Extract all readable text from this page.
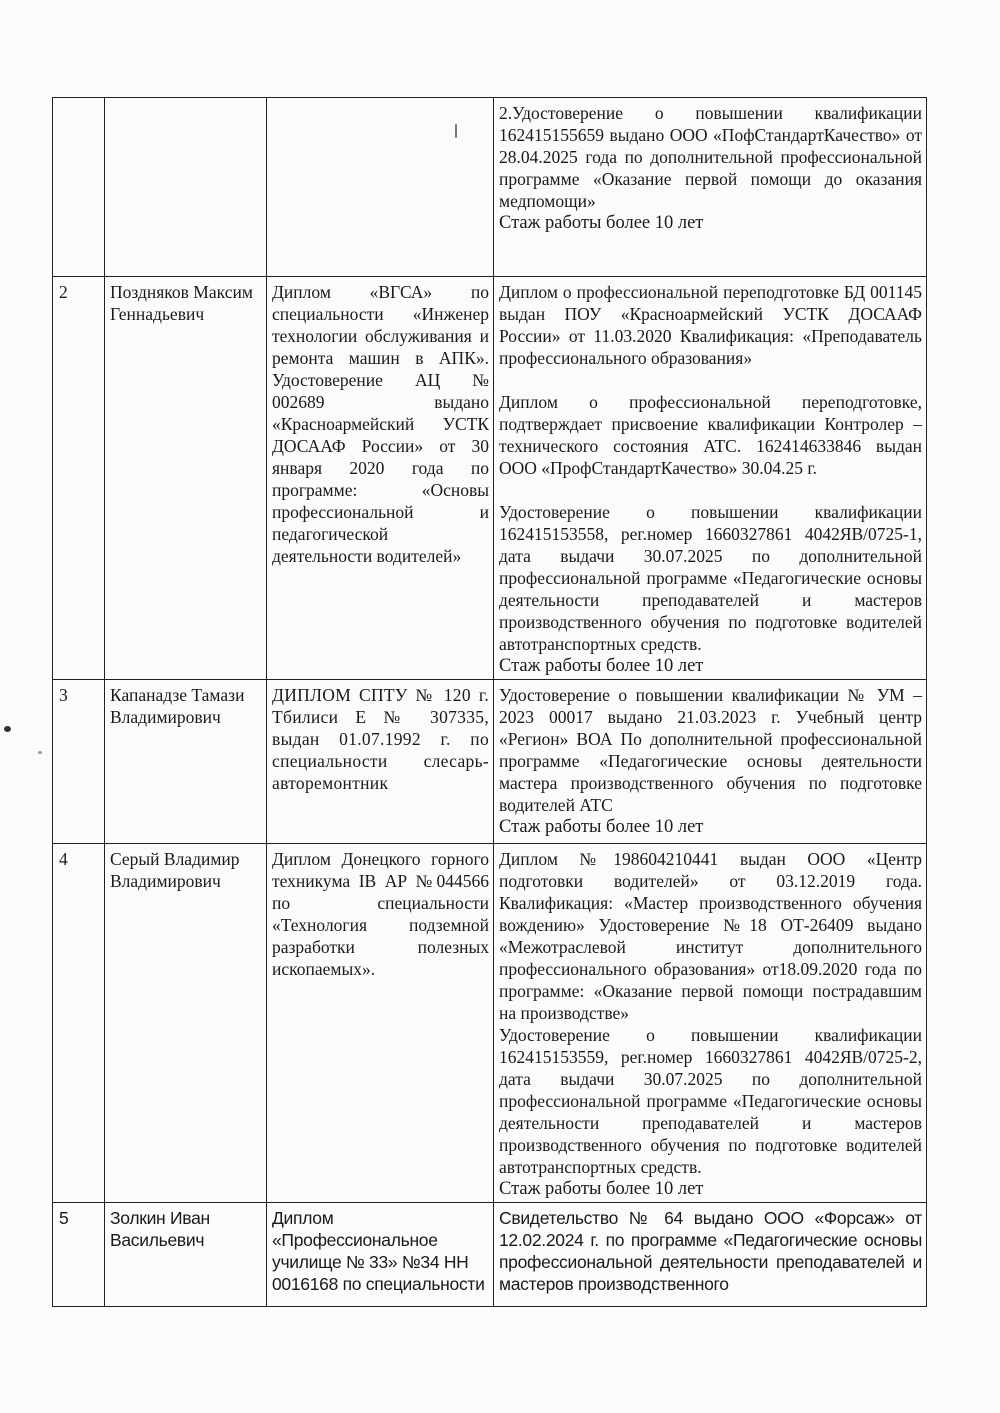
			2.Удостоверение о повышении квалификации 162415155659 выдано ООО «ПофСтандартКачество» от 28.04.2025 года по дополнительной профессиональной программе «Оказание первой помощи до оказания медпомощи»
Стаж работы более 10 лет

2	Поздняков Максим Геннадьевич	Диплом «ВГСА» по специальности «Инженер технологии обслуживания и ремонта машин в АПК». Удостоверение АЦ № 002689 выдано «Красноармейский УСТК ДОСААФ России» от 30 января 2020 года по программе: «Основы профессиональной и педагогической деятельности водителей»	
Диплом о профессиональной переподготовке БД 001145 выдан ПОУ «Красноармейский УСТК ДОСААФ России» от 11.03.2020 Квалификация: «Преподаватель профессионального образования»
Диплом о профессиональной переподготовке, подтверждает присвоение квалификации Контролер – технического состояния АТС. 162414633846 выдан ООО «ПрофСтандартКачество» 30.04.25 г.
Удостоверение о повышении квалификации 162415153558, рег.номер 1660327861 4042ЯВ/0725-1, дата выдачи 30.07.2025 по дополнительной профессиональной программе «Педагогические основы деятельности преподавателей и мастеров производственного обучения по подготовке водителей автотранспортных средств.
Стаж работы более 10 лет

3	Капанадзе Тамази Владимирович	ДИПЛОМ СПТУ № 120 г. Тбилиси Е № 307335, выдан 01.07.1992 г. по специальности слесарь-авторемонтник	Удостоверение о повышении квалификации № УМ – 2023 00017 выдано 21.03.2023 г. Учебный центр «Регион» ВОА По дополнительной профессиональной программе «Педагогические основы деятельности мастера производственного обучения по подготовке водителей АТС
Стаж работы более 10 лет

4	Серый Владимир Владимирович	Диплом Донецкого горного техникума IB АР №044566 по специальности «Технология подземной разработки полезных ископаемых».	Диплом №198604210441 выдан ООО «Центр подготовки водителей» от 03.12.2019 года. Квалификация: «Мастер производственного обучения вождению» Удостоверение №18 ОТ-26409 выдано «Межотраслевой институт дополнительного профессионального образования» от18.09.2020 года по программе: «Оказание первой помощи пострадавшим на производстве»
Удостоверение о повышении квалификации 162415153559, рег.номер 1660327861 4042ЯВ/0725-2, дата выдачи 30.07.2025 по дополнительной профессиональной программе «Педагогические основы деятельности преподавателей и мастеров производственного обучения по подготовке водителей автотранспортных средств.
Стаж работы более 10 лет

5	Золкин Иван Васильевич	Диплом «Профессиональное училище № 33» №34 НН 0016168 по специальности	Свидетельство № 64 выдано ООО «Форсаж» от 12.02.2024 г. по программе «Педагогические основы профессиональной деятельности преподавателей и мастеров производственного
